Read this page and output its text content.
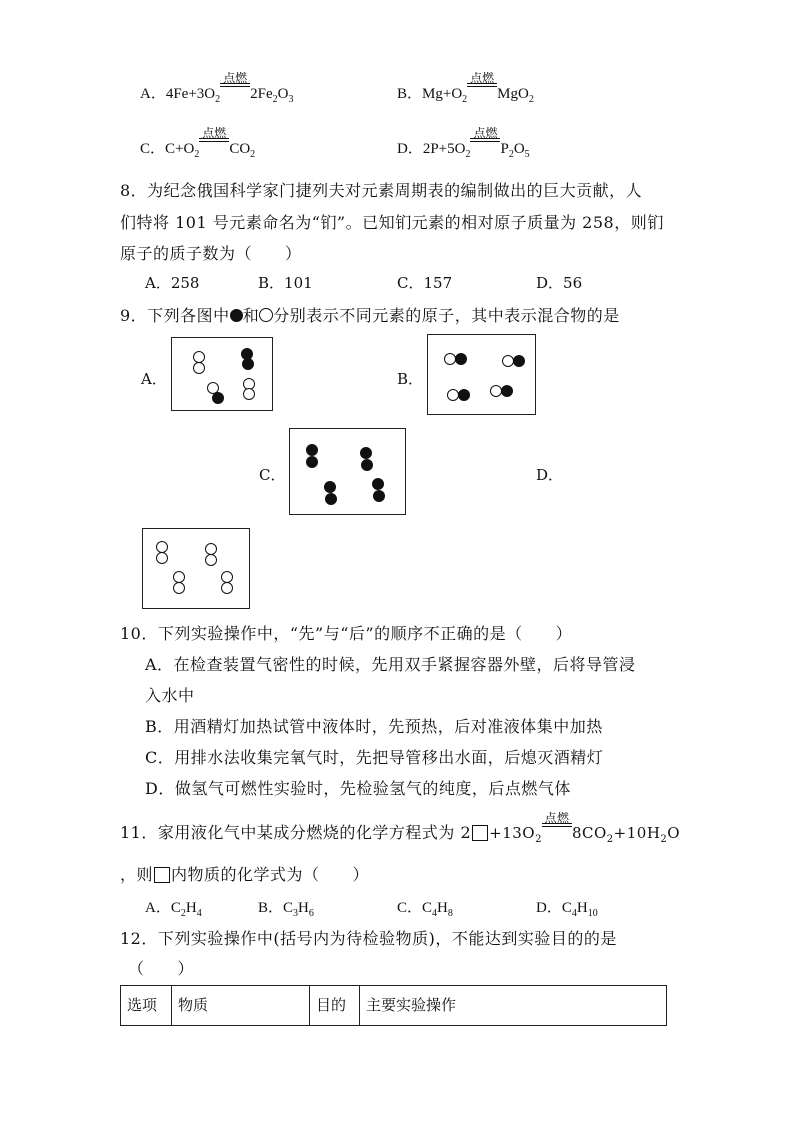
A．$4Fe+3O_2$
点燃
$2Fe_2O_3$	B．$Mg+O_2$
点燃
MgO$_2$
C．$C+O_2$
点燃
$CO_2$	D．$2P+5O_2$
点燃
$P_2O_5$
8．为纪念俄国科学家门捷列夫对元素周期表的编制做出的巨大贡献，人
们特将 101 号元素命名为“钔”。已知钔元素的相对原子质量为 258，则钔
原子的质子数为（　　）
A．258	B．101	C．157	D．56
9．下列各图中 和 分别表示不同元素的原子，其中表示混合物的是
A．	B．
C．	D．
10．下列实验操作中，“先”与“后”的顺序不正确的是（　　）
A．在检查装置气密性的时候，先用双手紧握容器外壁，后将导管浸
入水中
B．用酒精灯加热试管中液体时，先预热，后对准液体集中加热
C．用排水法收集完氧气时，先把导管移出水面，后熄灭酒精灯
D．做氢气可燃性实验时，先检验氢气的纯度，后点燃气体
11．家用液化气中某成分燃烧的化学方程式为 $2 +13O_2$
点燃
$8CO_2+10H_2O$
，则 内物质的化学式为（　　）
A．$C_2H_4$	B．$C_3H_6$	C．$C_4H_8$	D．$C_4H_{10}$
12．下列实验操作中(括号内为待检验物质)，不能达到实验目的的是
（　　）
选项	物质	目的	主要实验操作
